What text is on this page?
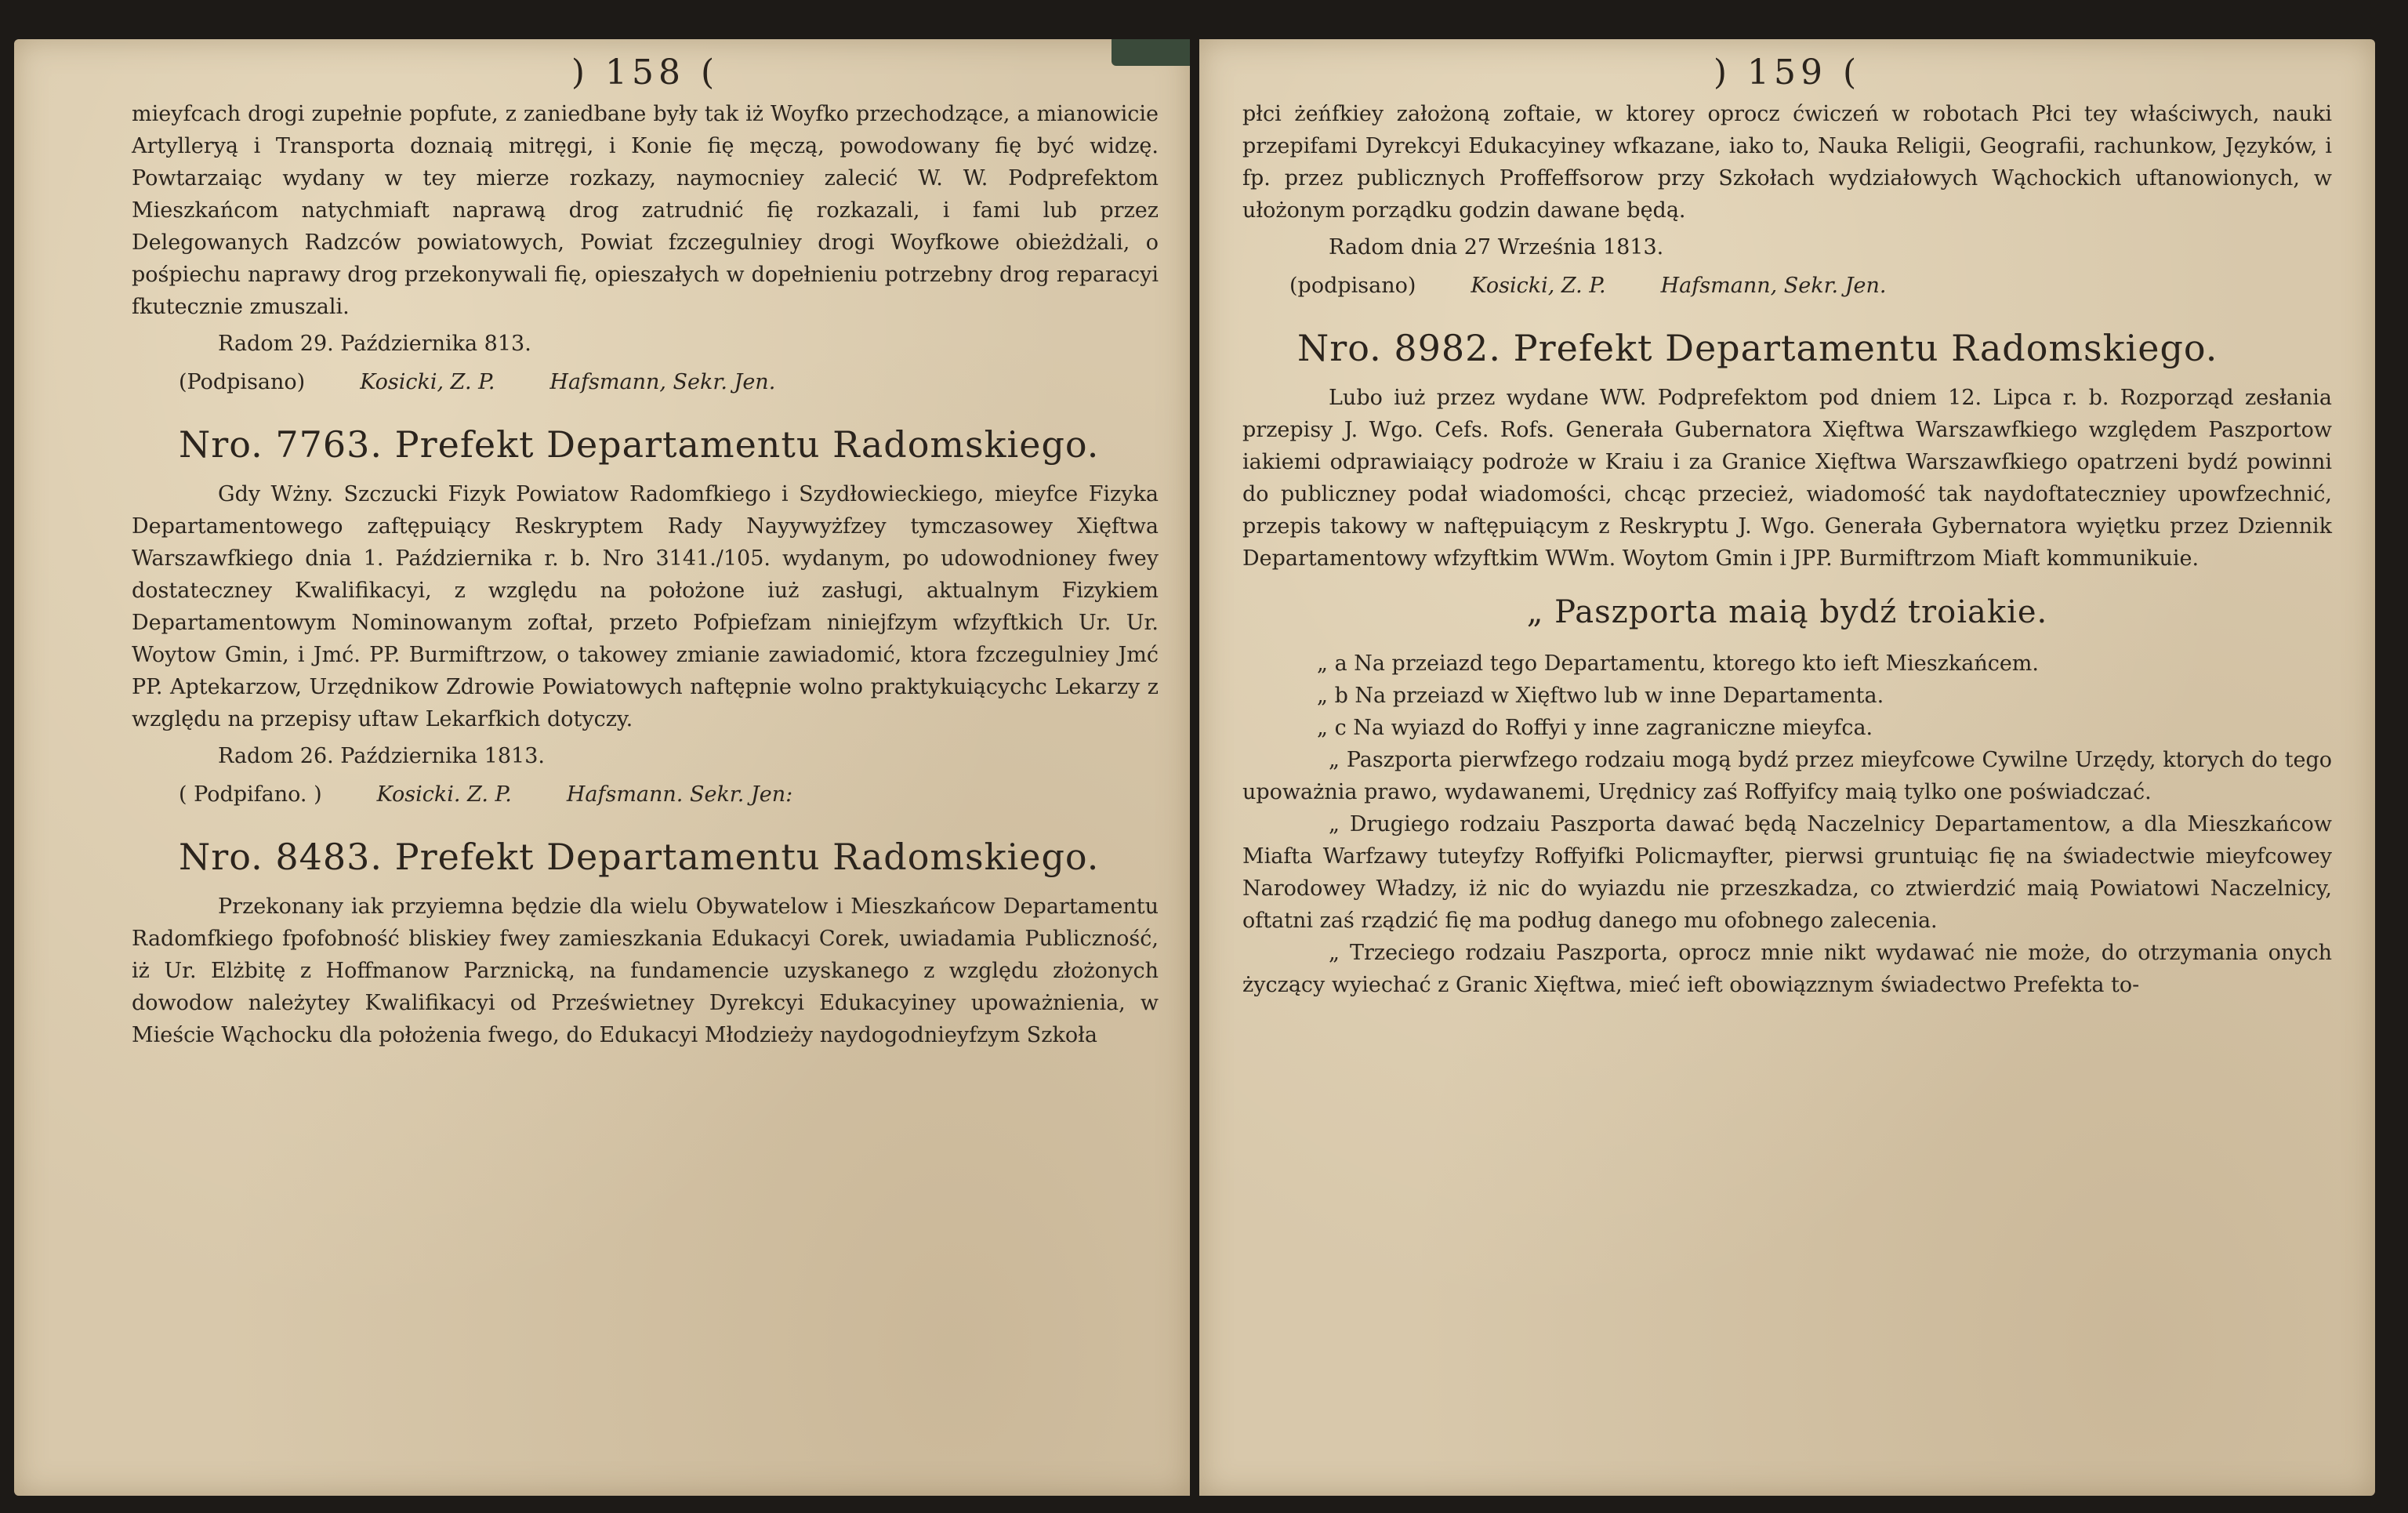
) 158 (

mieyfcach drogi zupełnie popfute, z zaniedbane były tak iż Woyfko przechodzące, a mianowicie Artylleryą i Transporta doznaią mitręgi, i Konie fię męczą, powodowany fię być widzę. Powtarzaiąc wydany w tey mierze rozkazy, naymocniey zalecić W. W. Podprefektom Mieszkańcom natychmiaft naprawą drog zatrudnić fię rozkazali, i fami lub przez Delegowanych Radzców powiatowych, Powiat fzczegulniey drogi Woyfkowe obieżdżali, o pośpiechu naprawy drog przekonywali fię, opieszałych w dopełnieniu potrzebny drog reparacyi fkutecznie zmuszali.

Radom 29. Października 813.
(Podpisano)	Kosicki, Z. P.	Hafsmann, Sekr. Jen.
Nro. 7763. Prefekt Departamentu Radomskiego.

Gdy Wżny. Szczucki Fizyk Powiatow Radomfkiego i Szydłowieckiego, mieyfce Fizyka Departamentowego zaftępuiący Reskryptem Rady Nayywyżfzey tymczasowey Xięftwa Warszawfkiego dnia 1. Października r. b. Nro 3141./105. wydanym, po udowodnioney fwey dostateczney Kwalifikacyi, z względu na położone iuż zasługi, aktualnym Fizykiem Departamentowym Nominowanym zoftał, przeto Pofpiefzam niniejfzym wfzyftkich Ur. Ur. Woytow Gmin, i Jmć. PP. Burmiftrzow, o takowey zmianie zawiadomić, ktora fzczegulniey Jmć PP. Aptekarzow, Urzędnikow Zdrowie Powiatowych naftępnie wolno praktykuiącychc Lekarzy z względu na przepisy uftaw Lekarfkich dotyczy.

Radom 26. Października 1813.
( Podpifano. )	Kosicki. Z. P.	Hafsmann. Sekr. Jen:
Nro. 8483. Prefekt Departamentu Radomskiego.

Przekonany iak przyiemna będzie dla wielu Obywatelow i Mieszkańcow Departamentu Radomfkiego fpofobność bliskiey fwey zamieszkania Edukacyi Corek, uwiadamia Publiczność, iż Ur. Elżbitę z Hoffmanow Parznicką, na fundamencie uzyskanego z względu złożonych dowodow należytey Kwalifikacyi od Prześwietney Dyrekcyi Edukacyiney upoważnienia, w Mieście Wąchocku dla położenia fwego, do Edukacyi Młodzieży naydogodnieyfzym Szkoła

) 159 (

płci żeńfkiey założoną zoftaie, w ktorey oprocz ćwiczeń w robotach Płci tey właściwych, nauki przepifami Dyrekcyi Edukacyiney wfkazane, iako to, Nauka Religii, Geografii, rachunkow, Języków, i fp. przez publicznych Proffeffsorow przy Szkołach wydziałowych Wąchockich uftanowionych, w ułożonym porządku godzin dawane będą.

Radom dnia 27 Września 1813.
(podpisano)	Kosicki, Z. P.	Hafsmann, Sekr. Jen.
Nro. 8982. Prefekt Departamentu Radomskiego.

Lubo iuż przez wydane WW. Podprefektom pod dniem 12. Lipca r. b. Rozporząd zesłania przepisy J. Wgo. Cefs. Rofs. Generała Gubernatora Xięftwa Warszawfkiego względem Paszportow iakiemi odprawiaiący podroże w Kraiu i za Granice Xięftwa Warszawfkiego opatrzeni bydź powinni do publiczney podał wiadomości, chcąc przecież, wiadomość tak naydoftateczniey upowfzechnić, przepis takowy w naftępuiącym z Reskryptu J. Wgo. Generała Gybernatora wyiętku przez Dziennik Departamentowy wfzyftkim WWm. Woytom Gmin i JPP. Burmiftrzom Miaft kommunikuie.

„ Paszporta maią bydź troiakie.
„ a Na przeiazd tego Departamentu, ktorego kto ieft Mieszkańcem.
„ b Na przeiazd w Xięftwo lub w inne Departamenta.
„ c Na wyiazd do Roffyi y inne zagraniczne mieyfca.

„ Paszporta pierwfzego rodzaiu mogą bydź przez mieyfcowe Cywilne Urzędy, ktorych do tego upoważnia prawo, wydawanemi, Urędnicy zaś Roffyifcy maią tylko one poświadczać.

„ Drugiego rodzaiu Paszporta dawać będą Naczelnicy Departamentow, a dla Mieszkańcow Miafta Warfzawy tuteyfzy Roffyifki Policmayfter, pierwsi gruntuiąc fię na świadectwie mieyfcowey Narodowey Władzy, iż nic do wyiazdu nie przeszkadza, co ztwierdzić maią Powiatowi Naczelnicy, oftatni zaś rządzić fię ma podług danego mu ofobnego zalecenia.

„ Trzeciego rodzaiu Paszporta, oprocz mnie nikt wydawać nie może, do otrzymania onych życzący wyiechać z Granic Xięftwa, mieć ieft obowiązznym świadectwo Prefekta to-
